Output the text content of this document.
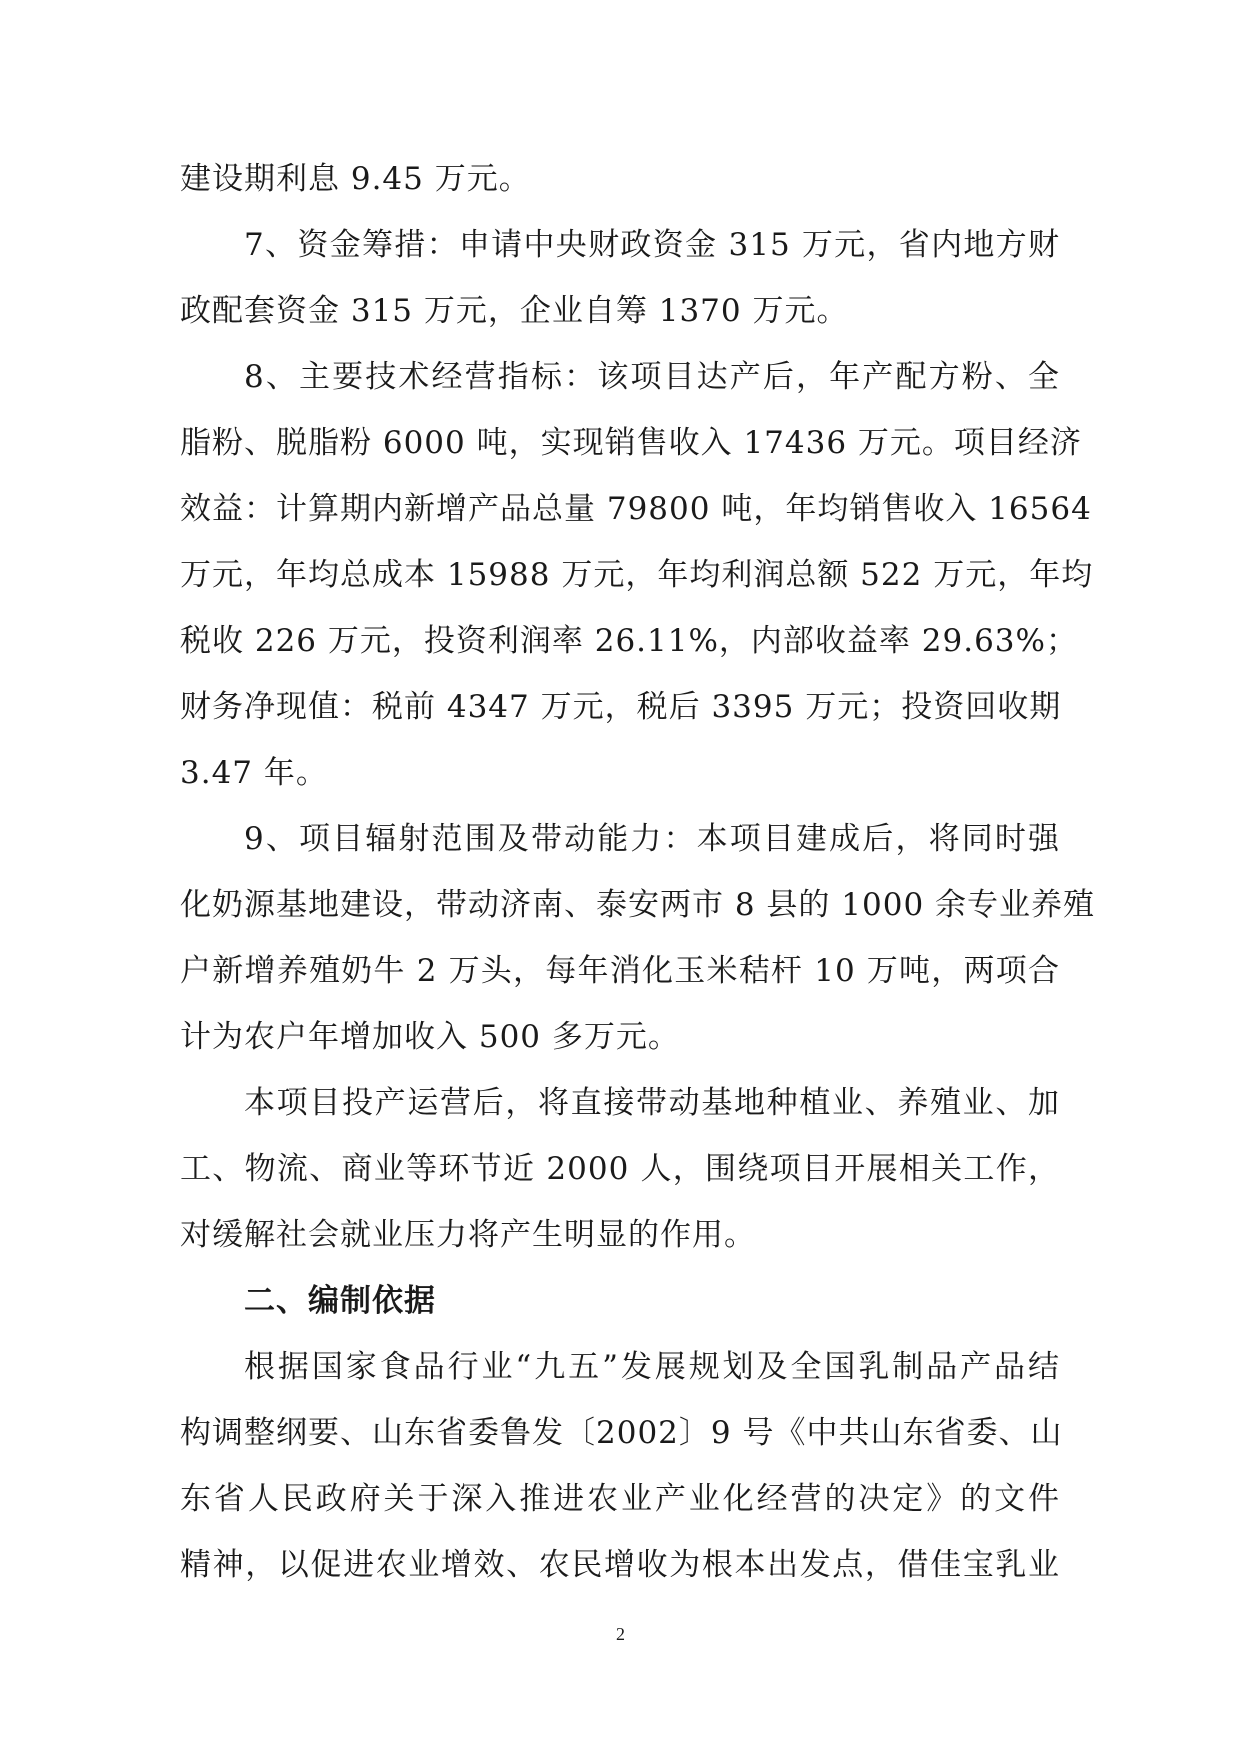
建设期利息 9.45 万元。
7、资金筹措：申请中央财政资金 315 万元，省内地方财
政配套资金 315 万元，企业自筹 1370 万元。
8、主要技术经营指标：该项目达产后，年产配方粉、全
脂粉、脱脂粉 6000 吨，实现销售收入 17436 万元。项目经济
效益：计算期内新增产品总量 79800 吨，年均销售收入 16564
万元，年均总成本 15988 万元，年均利润总额 522 万元，年均
税收 226 万元，投资利润率 26.11%，内部收益率 29.63%；
财务净现值：税前 4347 万元，税后 3395 万元；投资回收期
3.47 年。
9、项目辐射范围及带动能力：本项目建成后，将同时强
化奶源基地建设，带动济南、泰安两市 8 县的 1000 余专业养殖
户新增养殖奶牛 2 万头，每年消化玉米秸杆 10 万吨，两项合
计为农户年增加收入 500 多万元。
本项目投产运营后，将直接带动基地种植业、养殖业、加
工、物流、商业等环节近 2000 人，围绕项目开展相关工作，
对缓解社会就业压力将产生明显的作用。
二、编制依据
根据国家食品行业“九五”发展规划及全国乳制品产品结
构调整纲要、山东省委鲁发〔2002〕9 号《中共山东省委、山
东省人民政府关于深入推进农业产业化经营的决定》的文件
精神，以促进农业增效、农民增收为根本出发点，借佳宝乳业
2
